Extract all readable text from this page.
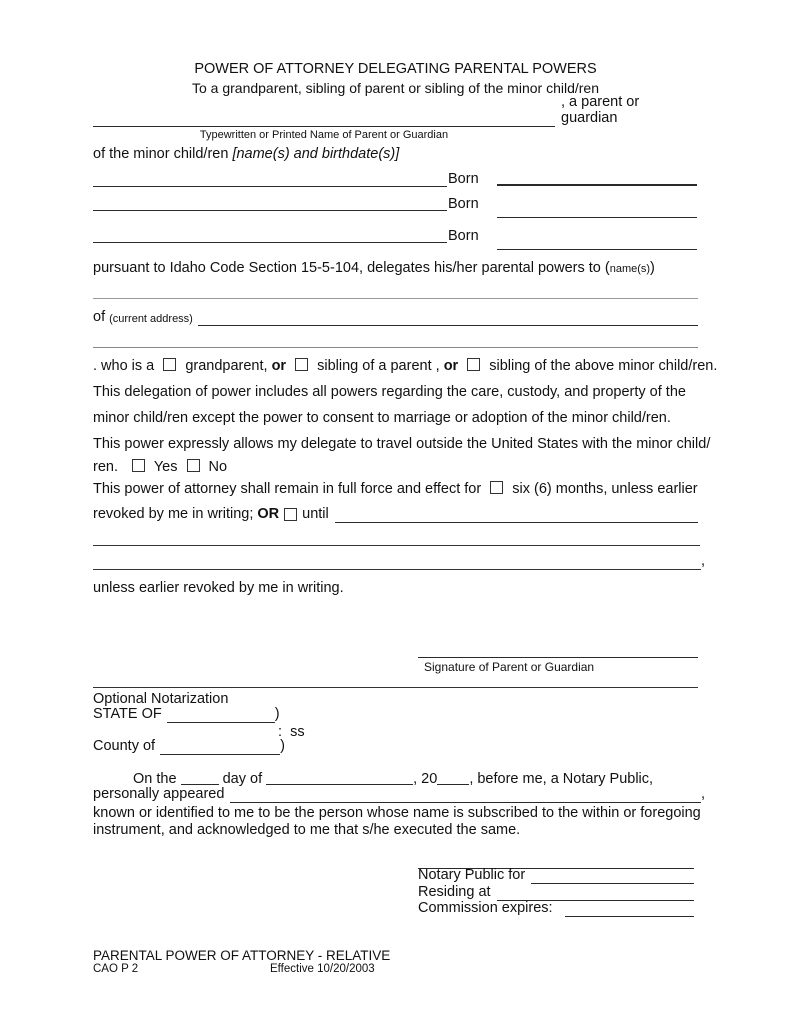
POWER OF ATTORNEY DELEGATING PARENTAL POWERS
To a grandparent, sibling of parent or sibling of the minor child/ren
, a parent or guardian
Typewritten or Printed Name of Parent or Guardian
of the minor child/ren [name(s) and birthdate(s)]
Born
Born
Born
pursuant to Idaho Code Section 15-5-104, delegates his/her parental powers to (name(s))
of (current address)
. who is a grandparent, or sibling of a parent , or sibling of the above minor child/ren.
This delegation of power includes all powers regarding the care, custody, and property of the
minor child/ren except the power to consent to marriage or adoption of the minor child/ren.
This power expressly allows my delegate to travel outside the United States with the minor child/
ren. Yes No
This power of attorney shall remain in full force and effect for six (6) months, unless earlier
revoked by me in writing; OR until
,
unless earlier revoked by me in writing.
Signature of Parent or Guardian
Optional Notarization
STATE OF	)
:  ss
County of	)
On the	day of	, 20 , before me, a Notary Public,
personally appeared	,
known or identified to me to be the person whose name is subscribed to the within or foregoing
instrument, and acknowledged to me that s/he executed the same.
Notary Public for
Residing at
Commission expires:
PARENTAL POWER OF ATTORNEY - RELATIVE
CAO P 2	Effective 10/20/2003
